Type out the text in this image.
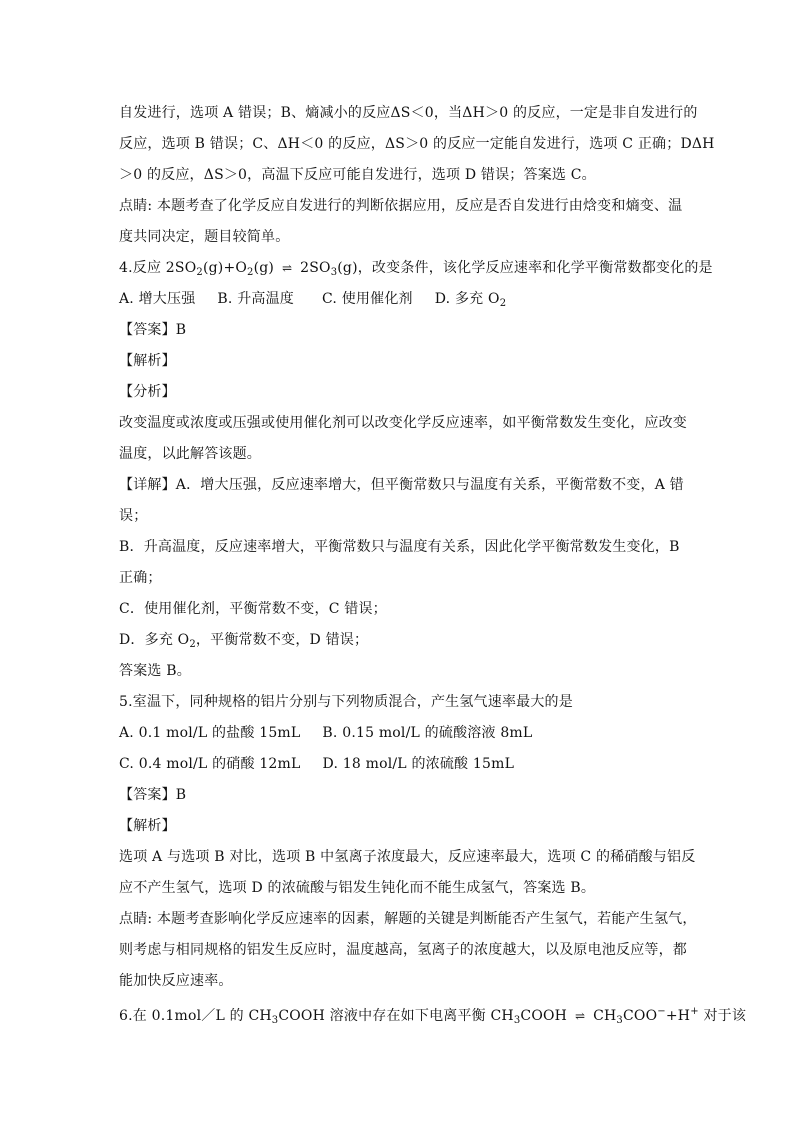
自发进行，选项 A 错误；B、熵减小的反应ΔS＜0，当ΔH＞0 的反应，一定是非自发进行的
反应，选项 B 错误；C、ΔH＜0 的反应，ΔS＞0 的反应一定能自发进行，选项 C 正确；DΔH
＞0 的反应，ΔS＞0，高温下反应可能自发进行，选项 D 错误；答案选 C。
点睛: 本题考查了化学反应自发进行的判断依据应用，反应是否自发进行由焓变和熵变、温
度共同决定，题目较简单。
4.反应 $2SO_2(g)+O_2(g)$ ⇌ $2SO_3(g)$，改变条件，该化学反应速率和化学平衡常数都变化的是
A. 增大压强 B. 升高温度 C. 使用催化剂 D. 多充 $O_2$
【答案】B
【解析】
【分析】
改变温度或浓度或压强或使用催化剂可以改变化学反应速率，如平衡常数发生变化，应改变
温度，以此解答该题。
【详解】A．增大压强，反应速率增大，但平衡常数只与温度有关系，平衡常数不变，A 错
误；
B．升高温度，反应速率增大，平衡常数只与温度有关系，因此化学平衡常数发生变化，B
正确；
C．使用催化剂，平衡常数不变，C 错误；
D．多充 $O_2$，平衡常数不变，D 错误；
答案选 B。
5.室温下，同种规格的铝片分别与下列物质混合，产生氢气速率最大的是
A. 0.1 mol/L 的盐酸 15mL B. 0.15 mol/L 的硫酸溶液 8mL
C. 0.4 mol/L 的硝酸 12mL D. 18 mol/L 的浓硫酸 15mL
【答案】B
【解析】
选项 A 与选项 B 对比，选项 B 中氢离子浓度最大，反应速率最大，选项 C 的稀硝酸与铝反
应不产生氢气，选项 D 的浓硫酸与铝发生钝化而不能生成氢气，答案选 B。
点睛: 本题考查影响化学反应速率的因素，解题的关键是判断能否产生氢气，若能产生氢气，
则考虑与相同规格的铝发生反应时，温度越高，氢离子的浓度越大，以及原电池反应等，都
能加快反应速率。
6.在 0.1mol／L 的 $CH_3COOH$ 溶液中存在如下电离平衡 $CH_3COOH$ ⇌ $CH_3COO^-+H^+$ 对于该
